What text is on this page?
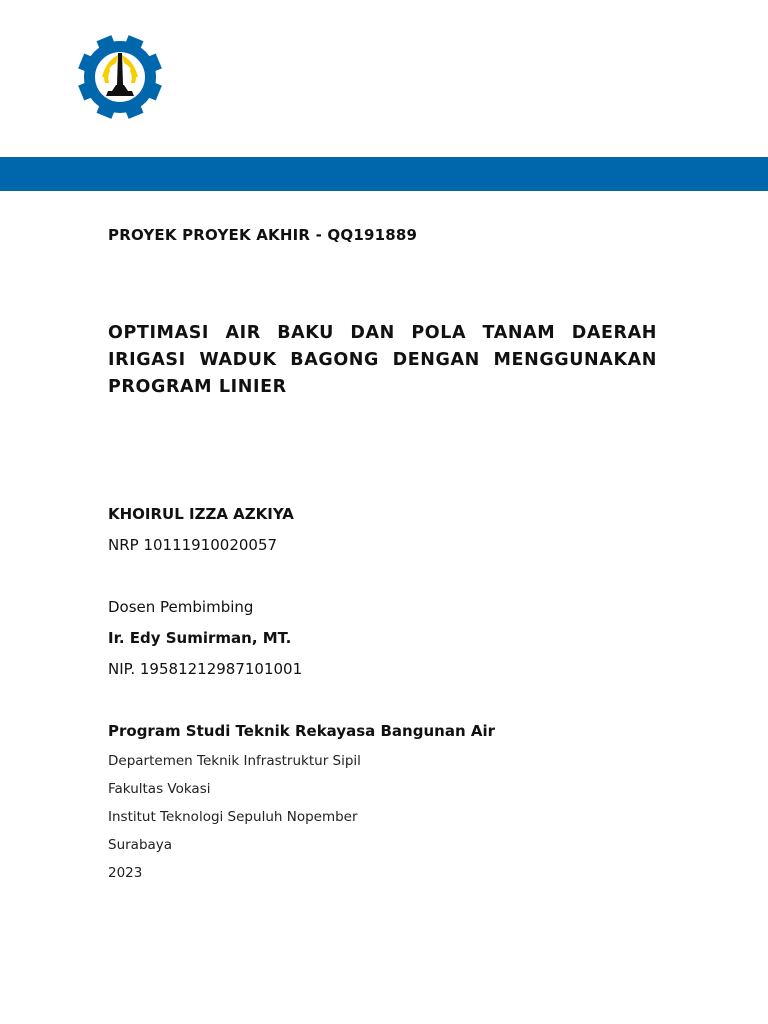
PROYEK PROYEK AKHIR - QQ191889
OPTIMASI AIR BAKU DAN POLA TANAM DAERAH
IRIGASI WADUK BAGONG DENGAN MENGGUNAKAN
PROGRAM LINIER
KHOIRUL IZZA AZKIYA
NRP 10111910020057
Dosen Pembimbing
Ir. Edy Sumirman, MT.
NIP. 19581212987101001
Program Studi Teknik Rekayasa Bangunan Air
Departemen Teknik Infrastruktur Sipil
Fakultas Vokasi
Institut Teknologi Sepuluh Nopember
Surabaya
2023
